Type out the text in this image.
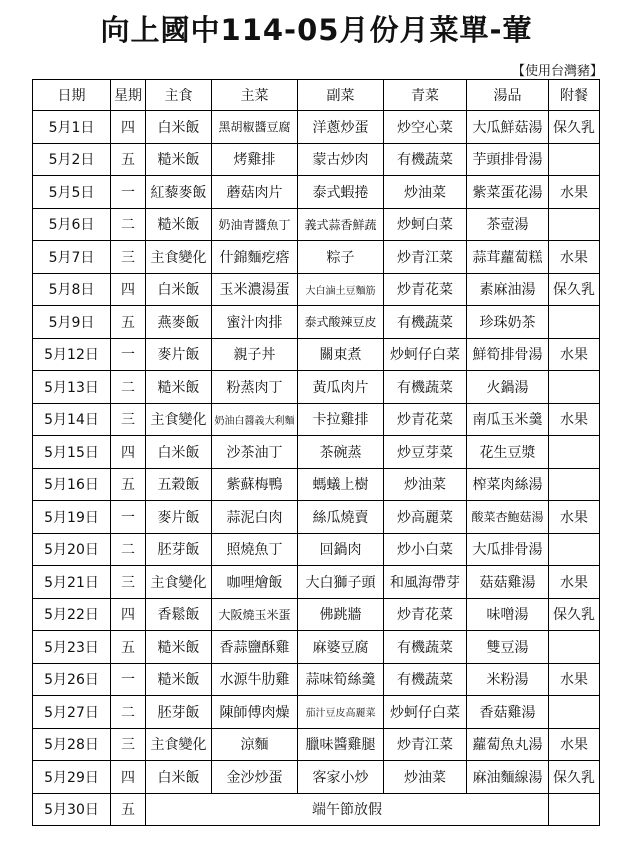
向上國中114-05月份月菜單-葷
【使用台灣豬】
日期	星期	主食	主菜	副菜	青菜	湯品	附餐
5月1日	四	白米飯	黑胡椒醬豆腐	洋蔥炒蛋	炒空心菜	大瓜鮮菇湯	保久乳
5月2日	五	糙米飯	烤雞排	蒙古炒肉	有機蔬菜	芋頭排骨湯	
5月5日	一	紅藜麥飯	蘑菇肉片	泰式蝦捲	炒油菜	紫菜蛋花湯	水果
5月6日	二	糙米飯	奶油青醬魚丁	義式蒜香鮮蔬	炒蚵白菜	茶壺湯	
5月7日	三	主食變化	什錦麵疙瘩	粽子	炒青江菜	蒜茸蘿蔔糕	水果
5月8日	四	白米飯	玉米濃湯蛋	大白滷土豆麵筋	炒青花菜	素麻油湯	保久乳
5月9日	五	燕麥飯	蜜汁肉排	泰式酸辣豆皮	有機蔬菜	珍珠奶茶	
5月12日	一	麥片飯	親子丼	關東煮	炒蚵仔白菜	鮮筍排骨湯	水果
5月13日	二	糙米飯	粉蒸肉丁	黃瓜肉片	有機蔬菜	火鍋湯	
5月14日	三	主食變化	奶油白醬義大利麵	卡拉雞排	炒青花菜	南瓜玉米羹	水果
5月15日	四	白米飯	沙茶油丁	茶碗蒸	炒豆芽菜	花生豆漿	
5月16日	五	五穀飯	紫蘇梅鴨	螞蟻上樹	炒油菜	榨菜肉絲湯	
5月19日	一	麥片飯	蒜泥白肉	絲瓜燒賣	炒高麗菜	酸菜杏鮑菇湯	水果
5月20日	二	胚芽飯	照燒魚丁	回鍋肉	炒小白菜	大瓜排骨湯	
5月21日	三	主食變化	咖哩燴飯	大白獅子頭	和風海帶芽	菇菇雞湯	水果
5月22日	四	香鬆飯	大阪燒玉米蛋	佛跳牆	炒青花菜	味噌湯	保久乳
5月23日	五	糙米飯	香蒜鹽酥雞	麻婆豆腐	有機蔬菜	雙豆湯	
5月26日	一	糙米飯	水源牛肋雞	蒜味筍絲羹	有機蔬菜	米粉湯	水果
5月27日	二	胚芽飯	陳師傅肉燥	茄汁豆皮高麗菜	炒蚵仔白菜	香菇雞湯	
5月28日	三	主食變化	涼麵	臘味醬雞腿	炒青江菜	蘿蔔魚丸湯	水果
5月29日	四	白米飯	金沙炒蛋	客家小炒	炒油菜	麻油麵線湯	保久乳
5月30日	五	端午節放假					
